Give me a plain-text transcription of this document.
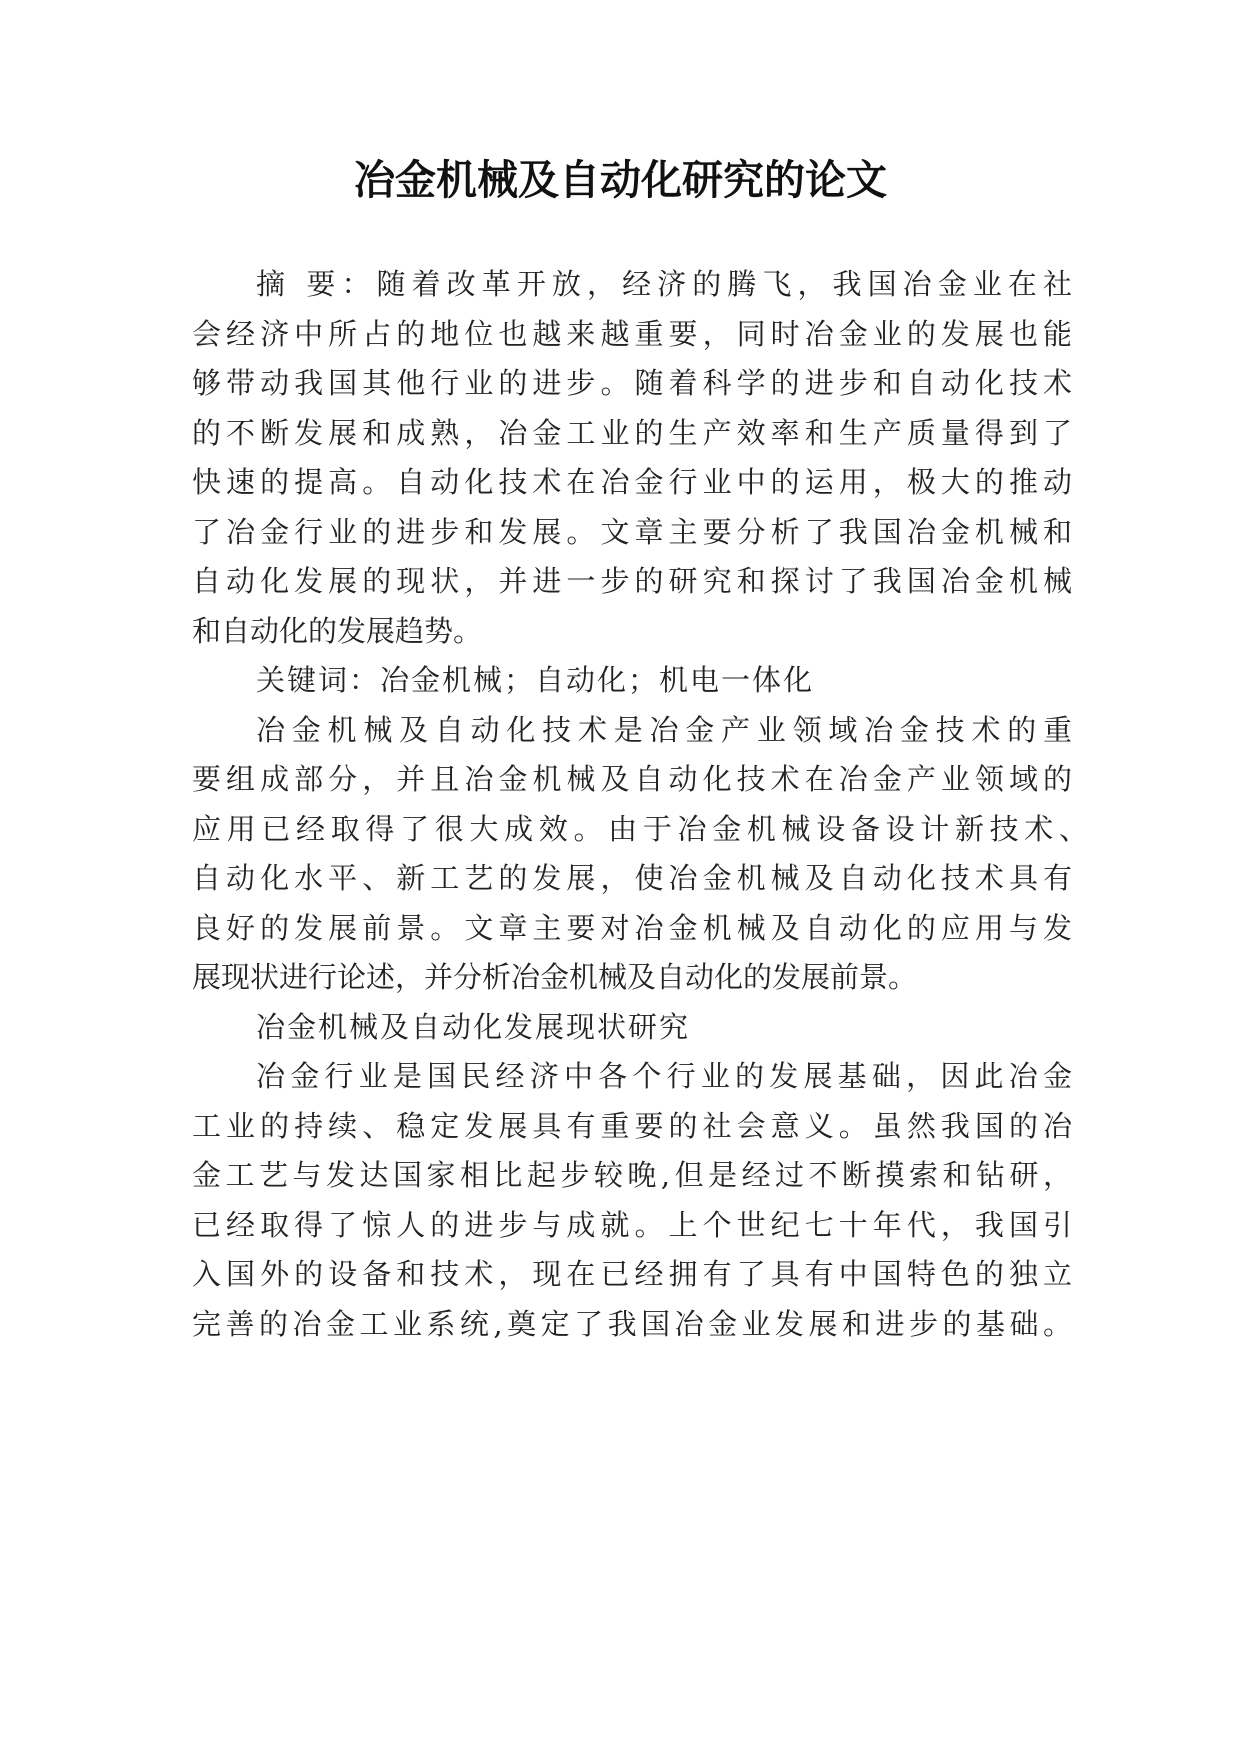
冶金机械及自动化研究的论文

摘 要：随着改革开放，经济的腾飞，我国冶金业在社

会经济中所占的地位也越来越重要，同时冶金业的发展也能

够带动我国其他行业的进步。随着科学的进步和自动化技术

的不断发展和成熟，冶金工业的生产效率和生产质量得到了

快速的提高。自动化技术在冶金行业中的运用，极大的推动

了冶金行业的进步和发展。文章主要分析了我国冶金机械和

自动化发展的现状，并进一步的研究和探讨了我国冶金机械

和自动化的发展趋势。

关键词：冶金机械；自动化；机电一体化

冶金机械及自动化技术是冶金产业领域冶金技术的重

要组成部分，并且冶金机械及自动化技术在冶金产业领域的

应用已经取得了很大成效。由于冶金机械设备设计新技术、

自动化水平、新工艺的发展，使冶金机械及自动化技术具有

良好的发展前景。文章主要对冶金机械及自动化的应用与发

展现状进行论述，并分析冶金机械及自动化的发展前景。

冶金机械及自动化发展现状研究

冶金行业是国民经济中各个行业的发展基础，因此冶金

工业的持续、稳定发展具有重要的社会意义。虽然我国的冶

金工艺与发达国家相比起步较晚,但是经过不断摸索和钻研，

已经取得了惊人的进步与成就。上个世纪七十年代，我国引

入国外的设备和技术，现在已经拥有了具有中国特色的独立

完善的冶金工业系统,奠定了我国冶金业发展和进步的基础。
